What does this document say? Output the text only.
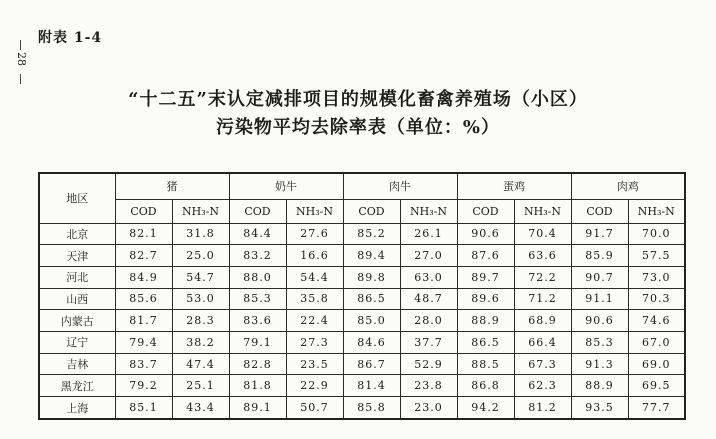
附表 1-4
28
“十二五”末认定减排项目的规模化畜禽养殖场（小区）
污染物平均去除率表（单位：%）
地区	猪		奶牛		肉牛		蛋鸡		肉鸡	
	COD	NH₃-N	COD	NH₃-N	COD	NH₃-N	COD	NH₃-N	COD	NH₃-N
北京	82.1	31.8	84.4	27.6	85.2	26.1	90.6	70.4	91.7	70.0
天津	82.7	25.0	83.2	16.6	89.4	27.0	87.6	63.6	85.9	57.5
河北	84.9	54.7	88.0	54.4	89.8	63.0	89.7	72.2	90.7	73.0
山西	85.6	53.0	85.3	35.8	86.5	48.7	89.6	71.2	91.1	70.3
内蒙古	81.7	28.3	83.6	22.4	85.0	28.0	88.9	68.9	90.6	74.6
辽宁	79.4	38.2	79.1	27.3	84.6	37.7	86.5	66.4	85.3	67.0
吉林	83.7	47.4	82.8	23.5	86.7	52.9	88.5	67.3	91.3	69.0
黑龙江	79.2	25.1	81.8	22.9	81.4	23.8	86.8	62.3	88.9	69.5
上海	85.1	43.4	89.1	50.7	85.8	23.0	94.2	81.2	93.5	77.7
